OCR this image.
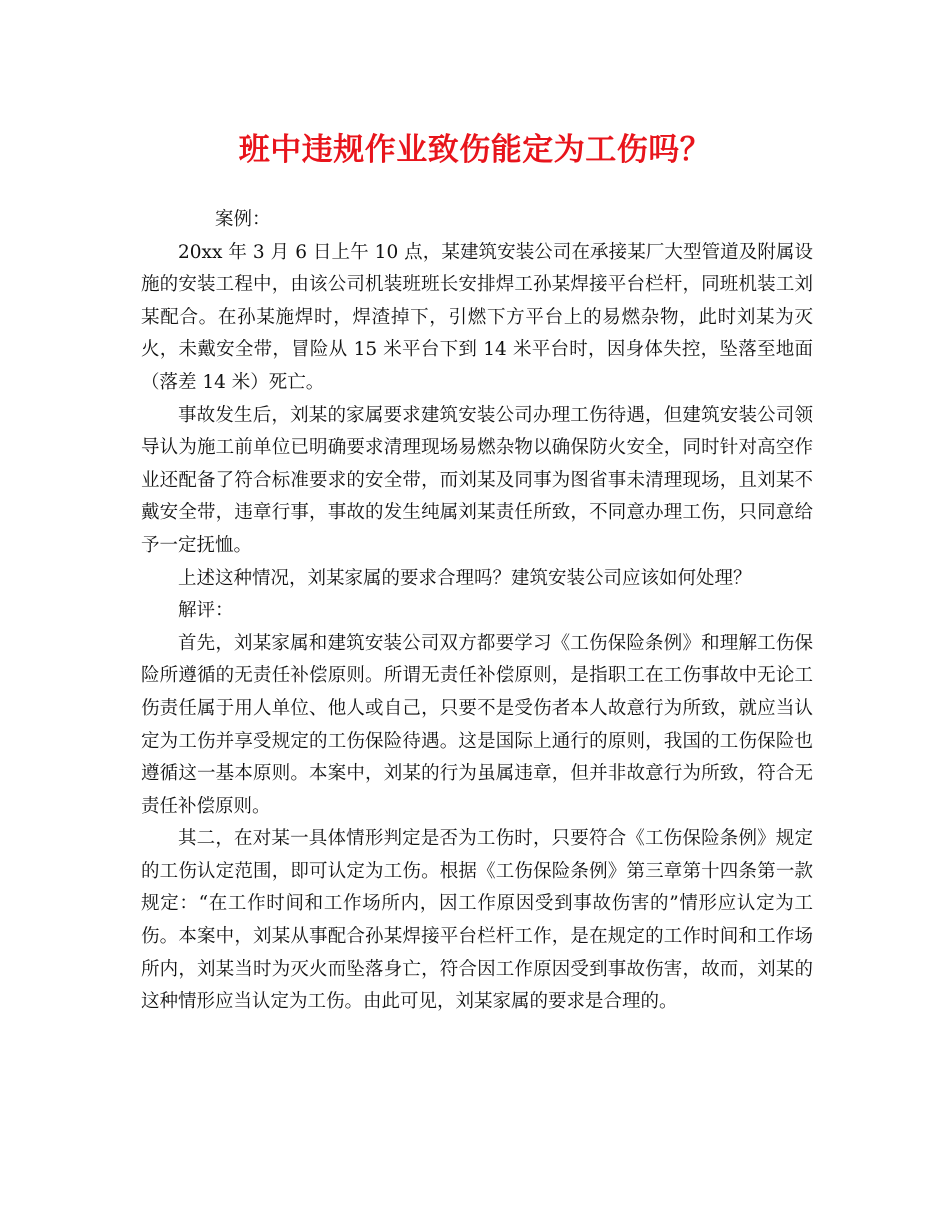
班中违规作业致伤能定为工伤吗？

案例：

20xx 年 3 月 6 日上午 10 点，某建筑安装公司在承接某厂大型管道及附属设施的安装工程中，由该公司机装班班长安排焊工孙某焊接平台栏杆，同班机装工刘某配合。在孙某施焊时，焊渣掉下，引燃下方平台上的易燃杂物，此时刘某为灭火，未戴安全带，冒险从 15 米平台下到 14 米平台时，因身体失控，坠落至地面（落差 14 米）死亡。

事故发生后，刘某的家属要求建筑安装公司办理工伤待遇，但建筑安装公司领导认为施工前单位已明确要求清理现场易燃杂物以确保防火安全，同时针对高空作业还配备了符合标准要求的安全带，而刘某及同事为图省事未清理现场，且刘某不戴安全带，违章行事，事故的发生纯属刘某责任所致，不同意办理工伤，只同意给予一定抚恤。

上述这种情况，刘某家属的要求合理吗？建筑安装公司应该如何处理？

解评：

首先，刘某家属和建筑安装公司双方都要学习《工伤保险条例》和理解工伤保险所遵循的无责任补偿原则。所谓无责任补偿原则，是指职工在工伤事故中无论工伤责任属于用人单位、他人或自己，只要不是受伤者本人故意行为所致，就应当认定为工伤并享受规定的工伤保险待遇。这是国际上通行的原则，我国的工伤保险也遵循这一基本原则。本案中，刘某的行为虽属违章，但并非故意行为所致，符合无责任补偿原则。

其二，在对某一具体情形判定是否为工伤时，只要符合《工伤保险条例》规定的工伤认定范围，即可认定为工伤。根据《工伤保险条例》第三章第十四条第一款规定：“在工作时间和工作场所内，因工作原因受到事故伤害的”情形应认定为工伤。本案中，刘某从事配合孙某焊接平台栏杆工作，是在规定的工作时间和工作场所内，刘某当时为灭火而坠落身亡，符合因工作原因受到事故伤害，故而，刘某的这种情形应当认定为工伤。由此可见，刘某家属的要求是合理的。
